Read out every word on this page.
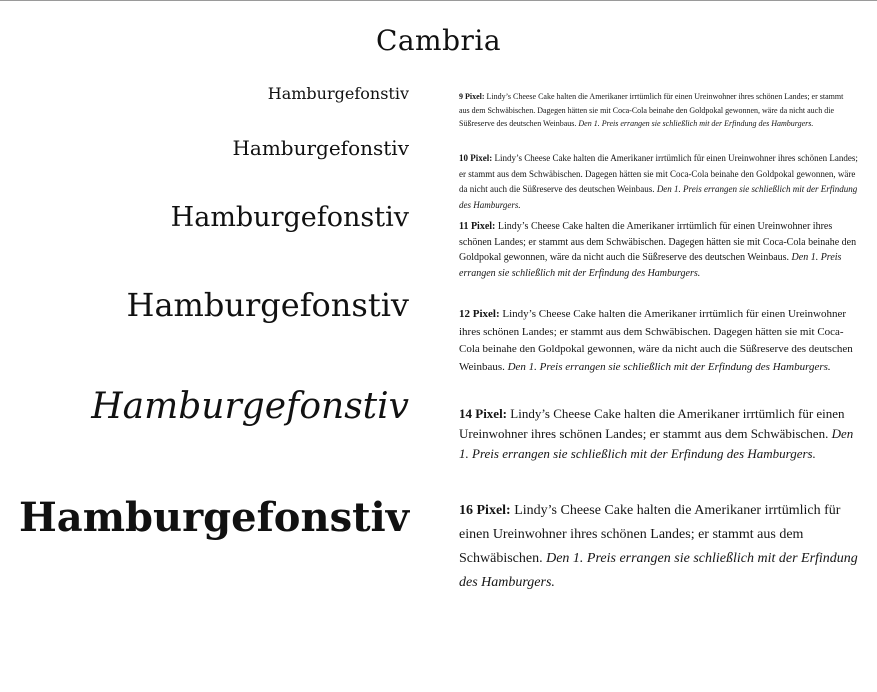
Cambria
Hamburgefonstiv
Hamburgefonstiv
Hamburgefonstiv
Hamburgefonstiv
Hamburgefonstiv
Hamburgefonstiv

9 Pixel: Lindy’s Cheese Cake halten die Amerikaner irrtümlich für einen Ureinwohner ihres schönen Landes; er stammt aus dem Schwäbischen. Dagegen hätten sie mit Coca-Cola beinahe den Goldpokal gewonnen, wäre da nicht auch die Süßreserve des deutschen Weinbaus. Den 1. Preis errangen sie schließlich mit der Erfindung des Hamburgers.

10 Pixel: Lindy’s Cheese Cake halten die Amerikaner irrtümlich für einen Ureinwohner ihres schönen Landes; er stammt aus dem Schwäbischen. Dagegen hätten sie mit Coca-Cola beinahe den Goldpokal gewonnen, wäre da nicht auch die Süßreserve des deutschen Weinbaus. Den 1. Preis errangen sie schließlich mit der Erfindung des Hamburgers.

11 Pixel: Lindy’s Cheese Cake halten die Amerikaner irrtümlich für einen Ureinwohner ihres schönen Landes; er stammt aus dem Schwäbischen. Dagegen hätten sie mit Coca-Cola beinahe den Goldpokal gewonnen, wäre da nicht auch die Süßreserve des deutschen Weinbaus. Den 1. Preis errangen sie schließlich mit der Erfindung des Hamburgers.

12 Pixel: Lindy’s Cheese Cake halten die Amerikaner irrtümlich für einen Ureinwohner ihres schönen Landes; er stammt aus dem Schwäbischen. Dagegen hätten sie mit Coca-Cola beinahe den Goldpokal gewonnen, wäre da nicht auch die Süßreserve des deutschen Weinbaus. Den 1. Preis errangen sie schließlich mit der Erfindung des Hamburgers.

14 Pixel: Lindy’s Cheese Cake halten die Amerikaner irrtümlich für einen Ureinwohner ihres schönen Landes; er stammt aus dem Schwäbischen. Den 1. Preis errangen sie schließlich mit der Erfindung des Hamburgers.

16 Pixel: Lindy’s Cheese Cake halten die Amerikaner irrtümlich für einen Ureinwohner ihres schönen Landes; er stammt aus dem Schwäbischen. Den 1. Preis errangen sie schließlich mit der Erfindung des Hamburgers.
